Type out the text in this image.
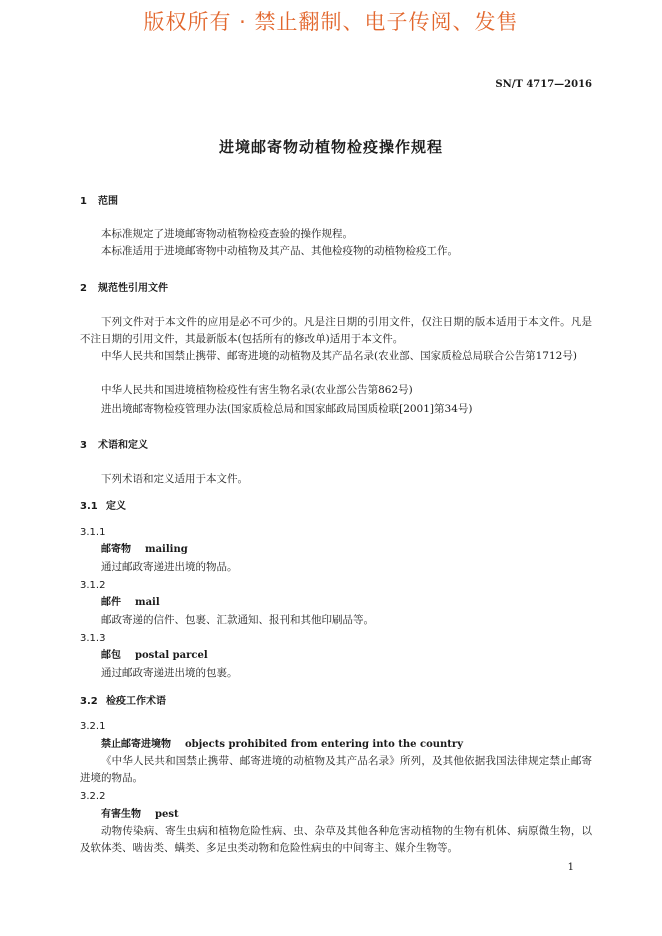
版权所有 · 禁止翻制、电子传阅、发售
SN/T 4717—2016
进境邮寄物动植物检疫操作规程
1 范围
本标准规定了进境邮寄物动植物检疫查验的操作规程。
本标准适用于进境邮寄物中动植物及其产品、其他检疫物的动植物检疫工作。
2 规范性引用文件
下列文件对于本文件的应用是必不可少的。凡是注日期的引用文件，仅注日期的版本适用于本文件。凡是不注日期的引用文件，其最新版本(包括所有的修改单)适用于本文件。
中华人民共和国禁止携带、邮寄进境的动植物及其产品名录(农业部、国家质检总局联合公告第1712号)
中华人民共和国进境植物检疫性有害生物名录(农业部公告第862号)
进出境邮寄物检疫管理办法(国家质检总局和国家邮政局国质检联[2001]第34号)
3 术语和定义
下列术语和定义适用于本文件。
3.1 定义
3.1.1
邮寄物 mailing
通过邮政寄递进出境的物品。
3.1.2
邮件 mail
邮政寄递的信件、包裹、汇款通知、报刊和其他印刷品等。
3.1.3
邮包 postal parcel
通过邮政寄递进出境的包裹。
3.2 检疫工作术语
3.2.1
禁止邮寄进境物 objects prohibited from entering into the country
《中华人民共和国禁止携带、邮寄进境的动植物及其产品名录》所列，及其他依据我国法律规定禁止邮寄进境的物品。
3.2.2
有害生物 pest
动物传染病、寄生虫病和植物危险性病、虫、杂草及其他各种危害动植物的生物有机体、病原微生物，以及软体类、啮齿类、螨类、多足虫类动物和危险性病虫的中间寄主、媒介生物等。
1
